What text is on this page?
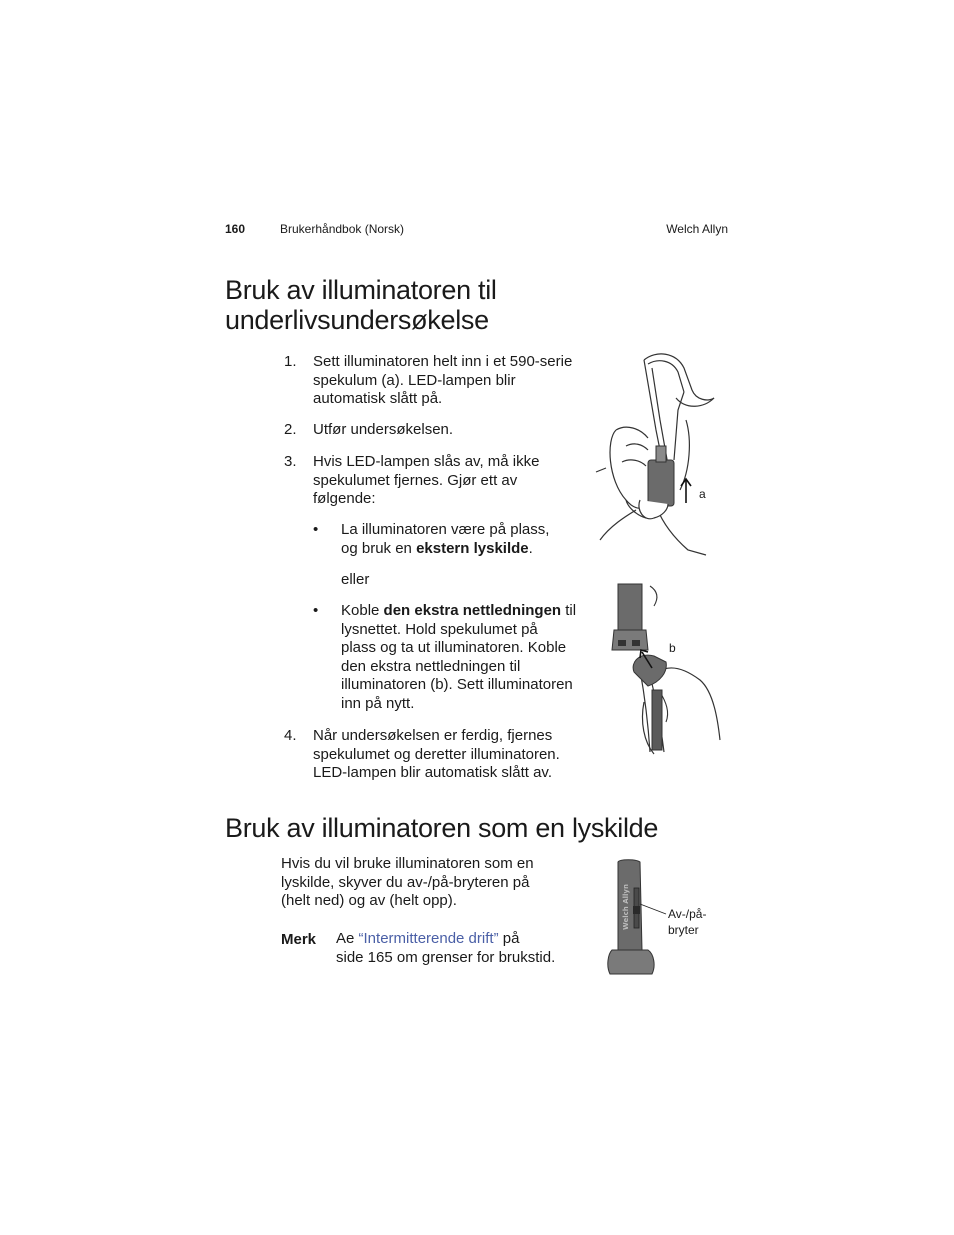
160	Brukerhåndbok (Norsk)	Welch Allyn
Bruk av illuminatoren til
underlivsundersøkelse
1.	Sett illuminatoren helt inn i et 590-serie
spekulum (a). LED-lampen blir
automatisk slått på.
2.	Utfør undersøkelsen.
3.	Hvis LED-lampen slås av, må ikke
spekulumet fjernes. Gjør ett av
følgende:
•	La illuminatoren være på plass,
og bruk en ekstern lyskilde.
eller
•	Koble den ekstra nettledningen til
lysnettet. Hold spekulumet på
plass og ta ut illuminatoren. Koble
den ekstra nettledningen til
illuminatoren (b). Sett illuminatoren
inn på nytt.
4.	Når undersøkelsen er ferdig, fjernes
spekulumet og deretter illuminatoren.
LED-lampen blir automatisk slått av.
a
b
Bruk av illuminatoren som en lyskilde
Hvis du vil bruke illuminatoren som en
lyskilde, skyver du av-/på-bryteren på
(helt ned) og av (helt opp).
Merk Ae “Intermitterende drift” på
side 165 om grenser for brukstid.
Welch Allyn	Av-/på-
bryter
